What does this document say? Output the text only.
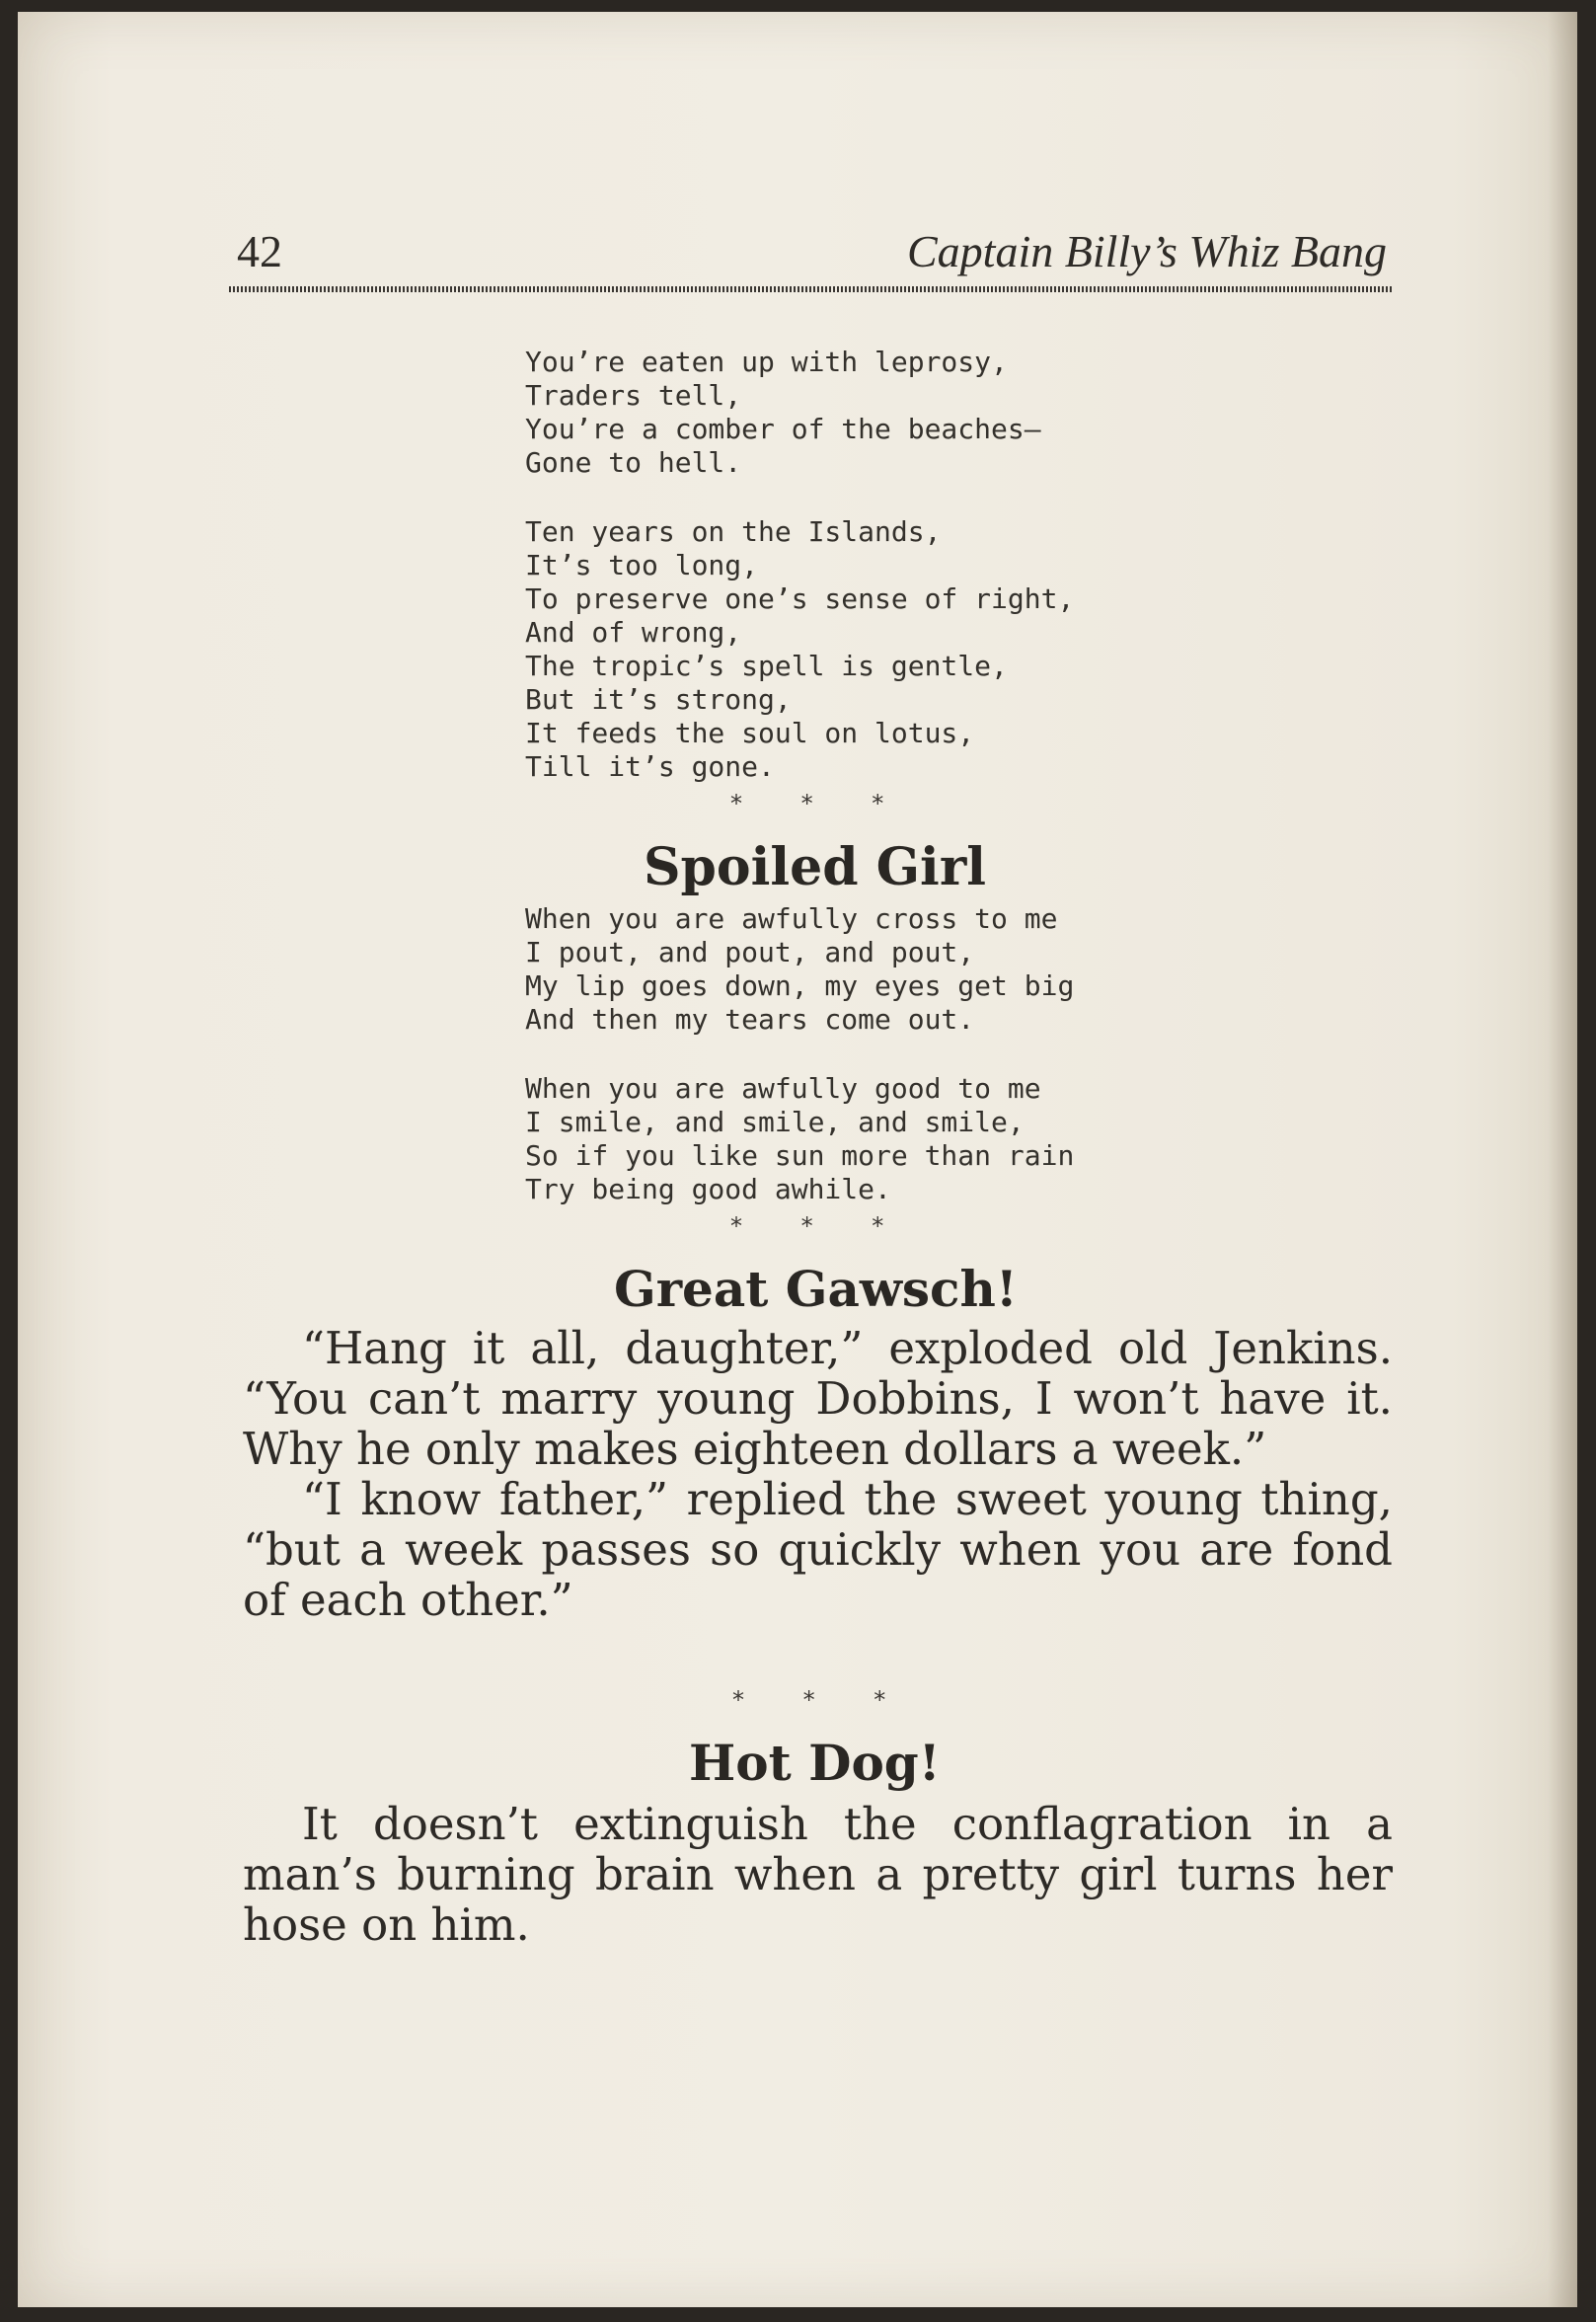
42	Captain Billy’s Whiz Bang
You’re eaten up with leprosy,
Traders tell,
You’re a comber of the beaches—
Gone to hell.
Ten years on the Islands,
It’s too long,
To preserve one’s sense of right,
And of wrong,
The tropic’s spell is gentle,
But it’s strong,
It feeds the soul on lotus,
Till it’s gone.
* * *
Spoiled Girl
When you are awfully cross to me
I pout, and pout, and pout,
My lip goes down, my eyes get big
And then my tears come out.
When you are awfully good to me
I smile, and smile, and smile,
So if you like sun more than rain
Try being good awhile.
* * *
Great Gawsch!

“Hang it all, daughter,” exploded old Jenkins. “You can’t marry young Dobbins, I won’t have it. Why he only makes eighteen dollars a week.”

“I know father,” replied the sweet young thing, “but a week passes so quickly when you are fond of each other.”

* * *
Hot Dog!

It doesn’t extinguish the conflagration in a man’s burning brain when a pretty girl turns her hose on him.
